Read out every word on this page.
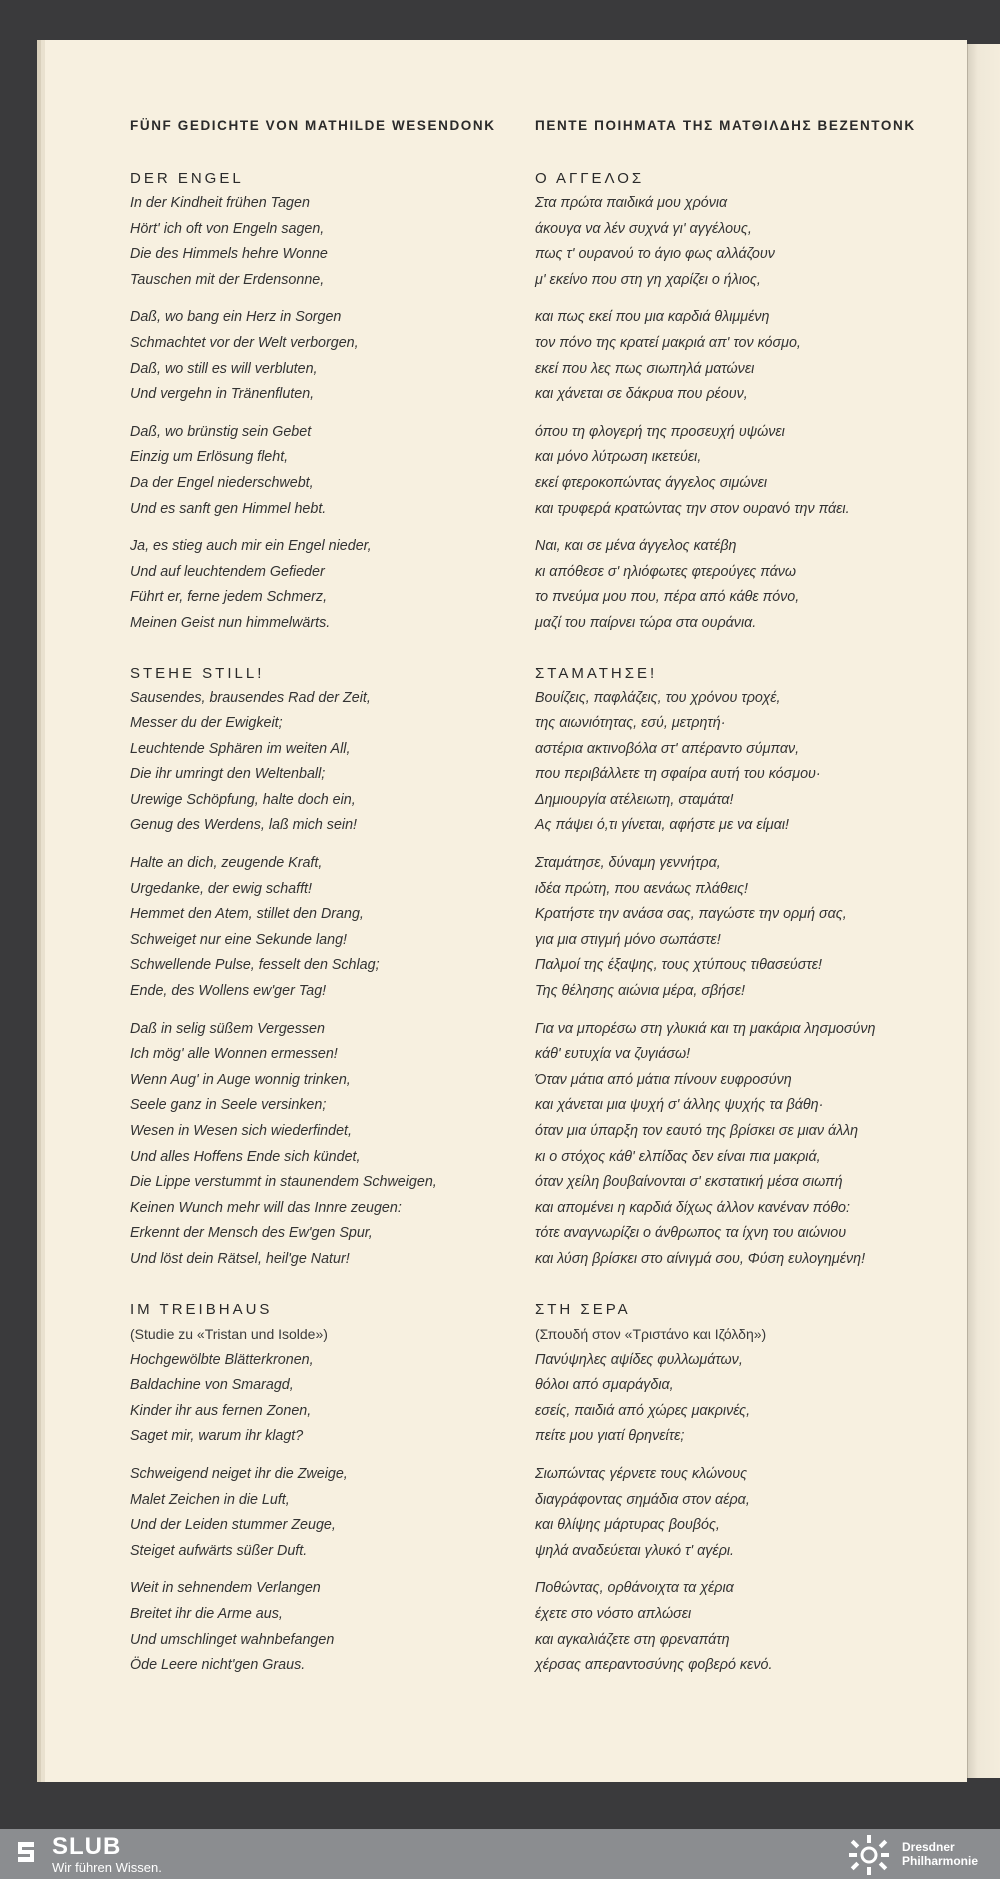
FÜNF GEDICHTE VON MATHILDE WESENDONK
DER ENGEL
In der Kindheit frühen Tagen
Hört' ich oft von Engeln sagen,
Die des Himmels hehre Wonne
Tauschen mit der Erdensonne,
Daß, wo bang ein Herz in Sorgen
Schmachtet vor der Welt verborgen,
Daß, wo still es will verbluten,
Und vergehn in Tränenfluten,
Daß, wo brünstig sein Gebet
Einzig um Erlösung fleht,
Da der Engel niederschwebt,
Und es sanft gen Himmel hebt.
Ja, es stieg auch mir ein Engel nieder,
Und auf leuchtendem Gefieder
Führt er, ferne jedem Schmerz,
Meinen Geist nun himmelwärts.
STEHE STILL!
Sausendes, brausendes Rad der Zeit,
Messer du der Ewigkeit;
Leuchtende Sphären im weiten All,
Die ihr umringt den Weltenball;
Urewige Schöpfung, halte doch ein,
Genug des Werdens, laß mich sein!
Halte an dich, zeugende Kraft,
Urgedanke, der ewig schafft!
Hemmet den Atem, stillet den Drang,
Schweiget nur eine Sekunde lang!
Schwellende Pulse, fesselt den Schlag;
Ende, des Wollens ew'ger Tag!
Daß in selig süßem Vergessen
Ich mög' alle Wonnen ermessen!
Wenn Aug' in Auge wonnig trinken,
Seele ganz in Seele versinken;
Wesen in Wesen sich wiederfindet,
Und alles Hoffens Ende sich kündet,
Die Lippe verstummt in staunendem Schweigen,
Keinen Wunch mehr will das Innre zeugen:
Erkennt der Mensch des Ew'gen Spur,
Und löst dein Rätsel, heil'ge Natur!
IM TREIBHAUS
(Studie zu «Tristan und Isolde»)
Hochgewölbte Blätterkronen,
Baldachine von Smaragd,
Kinder ihr aus fernen Zonen,
Saget mir, warum ihr klagt?
Schweigend neiget ihr die Zweige,
Malet Zeichen in die Luft,
Und der Leiden stummer Zeuge,
Steiget aufwärts süßer Duft.
Weit in sehnendem Verlangen
Breitet ihr die Arme aus,
Und umschlinget wahnbefangen
Öde Leere nicht'gen Graus.
ΠΕΝΤΕ ΠΟΙΗΜΑΤΑ ΤΗΣ ΜΑΤΘΙΛΔΗΣ ΒΕΖΕΝΤΟΝΚ
Ο ΑΓΓΕΛΟΣ
Στα πρώτα παιδικά μου χρόνια
άκουγα να λέν συχνά γι' αγγέλους,
πως τ' ουρανού το άγιο φως αλλάζουν
μ' εκείνο που στη γη χαρίζει ο ήλιος,
και πως εκεί που μια καρδιά θλιμμένη
τον πόνο της κρατεί μακριά απ' τον κόσμο,
εκεί που λες πως σιωπηλά ματώνει
και χάνεται σε δάκρυα που ρέουν,
όπου τη φλογερή της προσευχή υψώνει
και μόνο λύτρωση ικετεύει,
εκεί φτεροκοπώντας άγγελος σιμώνει
και τρυφερά κρατώντας την στον ουρανό την πάει.
Ναι, και σε μένα άγγελος κατέβη
κι απόθεσε σ' ηλιόφωτες φτερούγες πάνω
το πνεύμα μου που, πέρα από κάθε πόνο,
μαζί του παίρνει τώρα στα ουράνια.
ΣΤΑΜΑΤΗΣΕ!
Βουίζεις, παφλάζεις, του χρόνου τροχέ,
της αιωνιότητας, εσύ, μετρητή·
αστέρια ακτινοβόλα στ' απέραντο σύμπαν,
που περιβάλλετε τη σφαίρα αυτή του κόσμου·
Δημιουργία ατέλειωτη, σταμάτα!
Ας πάψει ό,τι γίνεται, αφήστε με να είμαι!
Σταμάτησε, δύναμη γεννήτρα,
ιδέα πρώτη, που αενάως πλάθεις!
Κρατήστε την ανάσα σας, παγώστε την ορμή σας,
για μια στιγμή μόνο σωπάστε!
Παλμοί της έξαψης, τους χτύπους τιθασεύστε!
Της θέλησης αιώνια μέρα, σβήσε!
Για να μπορέσω στη γλυκιά και τη μακάρια λησμοσύνη
κάθ' ευτυχία να ζυγιάσω!
Όταν μάτια από μάτια πίνουν ευφροσύνη
και χάνεται μια ψυχή σ' άλλης ψυχής τα βάθη·
όταν μια ύπαρξη τον εαυτό της βρίσκει σε μιαν άλλη
κι ο στόχος κάθ' ελπίδας δεν είναι πια μακριά,
όταν χείλη βουβαίνονται σ' εκστατική μέσα σιωπή
και απομένει η καρδιά δίχως άλλον κανέναν πόθο:
τότε αναγνωρίζει ο άνθρωπος τα ίχνη του αιώνιου
και λύση βρίσκει στο αίνιγμά σου, Φύση ευλογημένη!
ΣΤΗ ΣΕΡΑ
(Σπουδή στον «Τριστάνο και Ιζόλδη»)
Πανύψηλες αψίδες φυλλωμάτων,
θόλοι από σμαράγδια,
εσείς, παιδιά από χώρες μακρινές,
πείτε μου γιατί θρηνείτε;
Σιωπώντας γέρνετε τους κλώνους
διαγράφοντας σημάδια στον αέρα,
και θλίψης μάρτυρας βουβός,
ψηλά αναδεύεται γλυκό τ' αγέρι.
Ποθώντας, ορθάνοιχτα τα χέρια
έχετε στο νόστο απλώσει
και αγκαλιάζετε στη φρεναπάτη
χέρσας απεραντοσύνης φοβερό κενό.
SLUB
Wir führen Wissen.
Dresdner
Philharmonie
